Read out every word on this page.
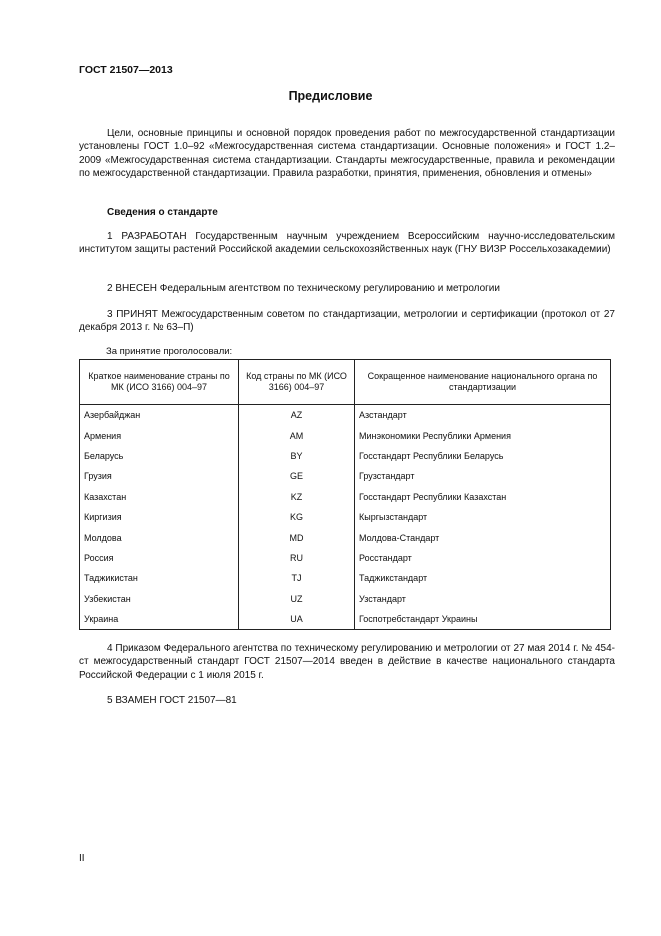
ГОСТ 21507—2013
Предисловие
Цели, основные принципы и основной порядок проведения работ по межгосударственной стандартизации установлены ГОСТ 1.0–92 «Межгосударственная система стандартизации. Основные положения» и ГОСТ 1.2–2009 «Межгосударственная система стандартизации. Стандарты межгосударственные, правила и рекомендации по межгосударственной стандартизации. Правила разработки, принятия, применения, обновления и отмены»
Сведения о стандарте
1 РАЗРАБОТАН Государственным научным учреждением Всероссийским научно-исследовательским институтом защиты растений Российской академии сельскохозяйственных наук (ГНУ ВИЗР Россельхозакадемии)
2 ВНЕСЕН Федеральным агентством по техническому регулированию и метрологии
3 ПРИНЯТ Межгосударственным советом по стандартизации, метрологии и сертификации (протокол от 27 декабря 2013 г. № 63–П)
За принятие проголосовали:
Краткое наименование страны по МК (ИСО 3166) 004–97	Код страны по МК (ИСО 3166) 004–97	Сокращенное наименование национального органа по стандартизации
Азербайджан	AZ	Азстандарт
Армения	AM	Минэкономики Республики Армения
Беларусь	BY	Госстандарт Республики Беларусь
Грузия	GE	Грузстандарт
Казахстан	KZ	Госстандарт Республики Казахстан
Киргизия	KG	Кыргызстандарт
Молдова	MD	Молдова-Стандарт
Россия	RU	Росстандарт
Таджикистан	TJ	Таджикстандарт
Узбекистан	UZ	Узстандарт
Украина	UA	Госпотребстандарт Украины
4 Приказом Федерального агентства по техническому регулированию и метрологии от 27 мая 2014 г. № 454-ст межгосударственный стандарт ГОСТ 21507—2014 введен в действие в качестве национального стандарта Российской Федерации с 1 июля 2015 г.
5 ВЗАМЕН ГОСТ 21507—81
II
